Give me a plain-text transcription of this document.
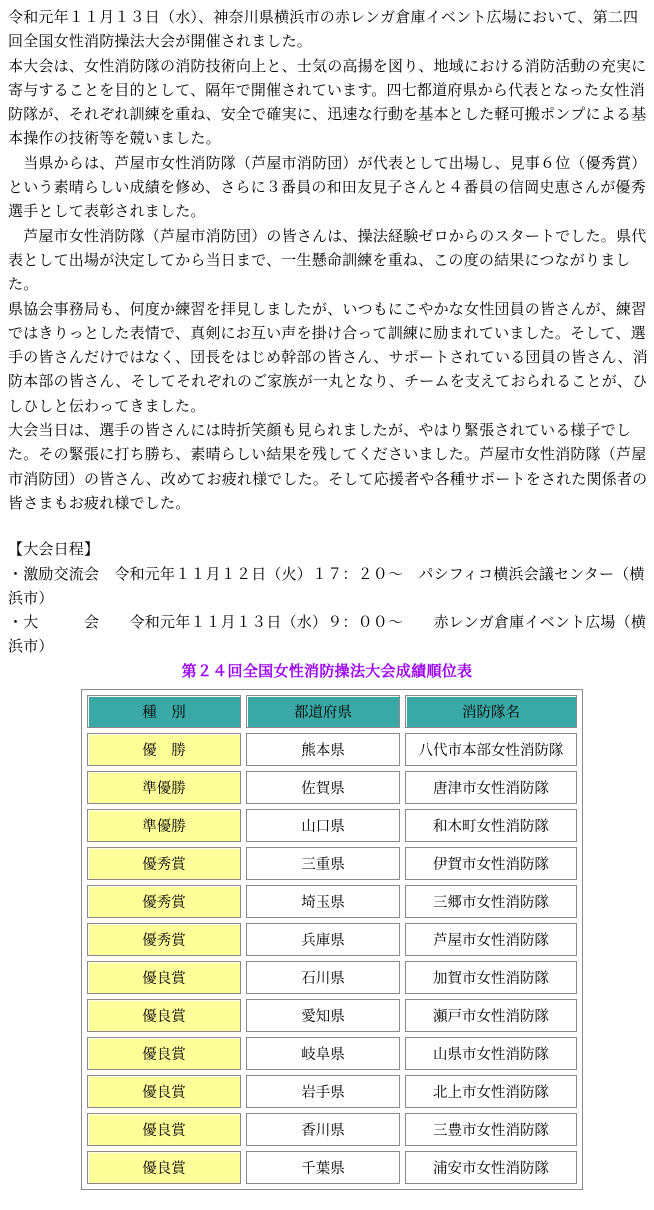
令和元年１１月１３日（水）、神奈川県横浜市の赤レンガ倉庫イベント広場において、第二四回全国女性消防操法大会が開催されました。

本大会は、女性消防隊の消防技術向上と、士気の高揚を図り、地域における消防活動の充実に寄与することを目的として、隔年で開催されています。四七都道府県から代表となった女性消防隊が、それぞれ訓練を重ね、安全で確実に、迅速な行動を基本とした軽可搬ポンプによる基本操作の技術等を競いました。

　当県からは、芦屋市女性消防隊（芦屋市消防団）が代表として出場し、見事６位（優秀賞）という素晴らしい成績を修め、さらに３番員の和田友見子さんと４番員の信岡史恵さんが優秀選手として表彰されました。

　芦屋市女性消防隊（芦屋市消防団）の皆さんは、操法経験ゼロからのスタートでした。県代表として出場が決定してから当日まで、一生懸命訓練を重ね、この度の結果につながりました。

県協会事務局も、何度か練習を拝見しましたが、いつもにこやかな女性団員の皆さんが、練習ではきりっとした表情で、真剣にお互い声を掛け合って訓練に励まれていました。そして、選手の皆さんだけではなく、団長をはじめ幹部の皆さん、サポートされている団員の皆さん、消防本部の皆さん、そしてそれぞれのご家族が一丸となり、チームを支えておられることが、ひしひしと伝わってきました。

大会当日は、選手の皆さんには時折笑顔も見られましたが、やはり緊張されている様子でした。その緊張に打ち勝ち、素晴らしい結果を残してくださいました。芦屋市女性消防隊（芦屋市消防団）の皆さん、改めてお疲れ様でした。そして応援者や各種サポートをされた関係者の皆さまもお疲れ様でした。

【大会日程】

・激励交流会　令和元年１１月１２日（火）１７：２０～　パシフィコ横浜会議センター（横浜市）

・大　　　会　　令和元年１１月１３日（水）９：００～　　赤レンガ倉庫イベント広場（横浜市）

第２４回全国女性消防操法大会成績順位表
種　別	都道府県	消防隊名
優　勝	熊本県	八代市本部女性消防隊
準優勝	佐賀県	唐津市女性消防隊
準優勝	山口県	和木町女性消防隊
優秀賞	三重県	伊賀市女性消防隊
優秀賞	埼玉県	三郷市女性消防隊
優秀賞	兵庫県	芦屋市女性消防隊
優良賞	石川県	加賀市女性消防隊
優良賞	愛知県	瀬戸市女性消防隊
優良賞	岐阜県	山県市女性消防隊
優良賞	岩手県	北上市女性消防隊
優良賞	香川県	三豊市女性消防隊
優良賞	千葉県	浦安市女性消防隊
